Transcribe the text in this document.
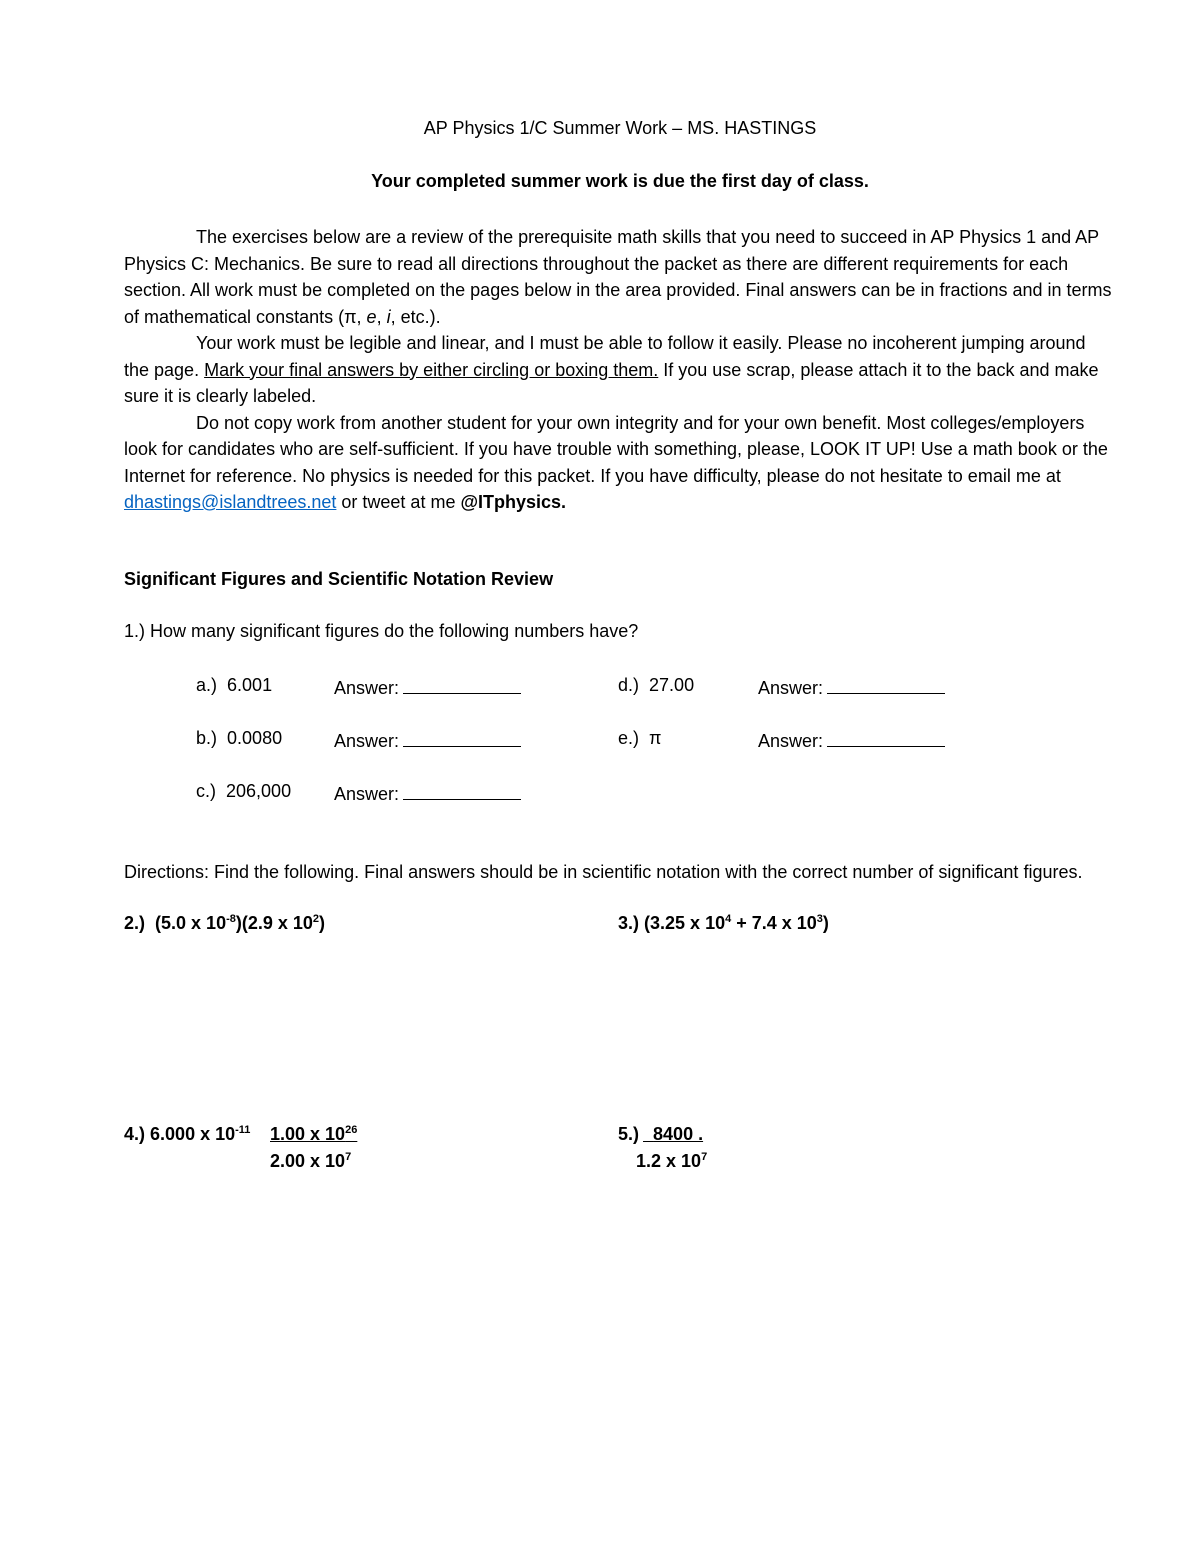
AP Physics 1/C Summer Work – MS. HASTINGS
Your completed summer work is due the first day of class.

The exercises below are a review of the prerequisite math skills that you need to succeed in AP Physics 1 and AP Physics C: Mechanics. Be sure to read all directions throughout the packet as there are different requirements for each section. All work must be completed on the pages below in the area provided. Final answers can be in fractions and in terms of mathematical constants (π, e, i, etc.).

Your work must be legible and linear, and I must be able to follow it easily. Please no incoherent jumping around the page. Mark your final answers by either circling or boxing them. If you use scrap, please attach it to the back and make sure it is clearly labeled.

Do not copy work from another student for your own integrity and for your own benefit. Most colleges/employers look for candidates who are self-sufficient. If you have trouble with something, please, LOOK IT UP! Use a math book or the Internet for reference. No physics is needed for this packet. If you have difficulty, please do not hesitate to email me at dhastings@islandtrees.net or tweet at me @ITphysics.

Significant Figures and Scientific Notation Review
1.) How many significant figures do the following numbers have?
a.) 6.001	Answer:	d.) 27.00	Answer:
b.) 0.0080	Answer:	e.) π	Answer:
c.) 206,000 Answer:
Directions: Find the following. Final answers should be in scientific notation with the correct number of significant figures.
2.) (5.0 x $10^{-8})(2.9$ x $10^2$)	3.) (3.25 x $10^4 + 7.4$ x $10^3$)
4.) 6.000 x $10^{-11}$ 1.00 x $10^{26}$
2.00 x $10^7$
5.) 8400 .
1.2 x $10^7$
